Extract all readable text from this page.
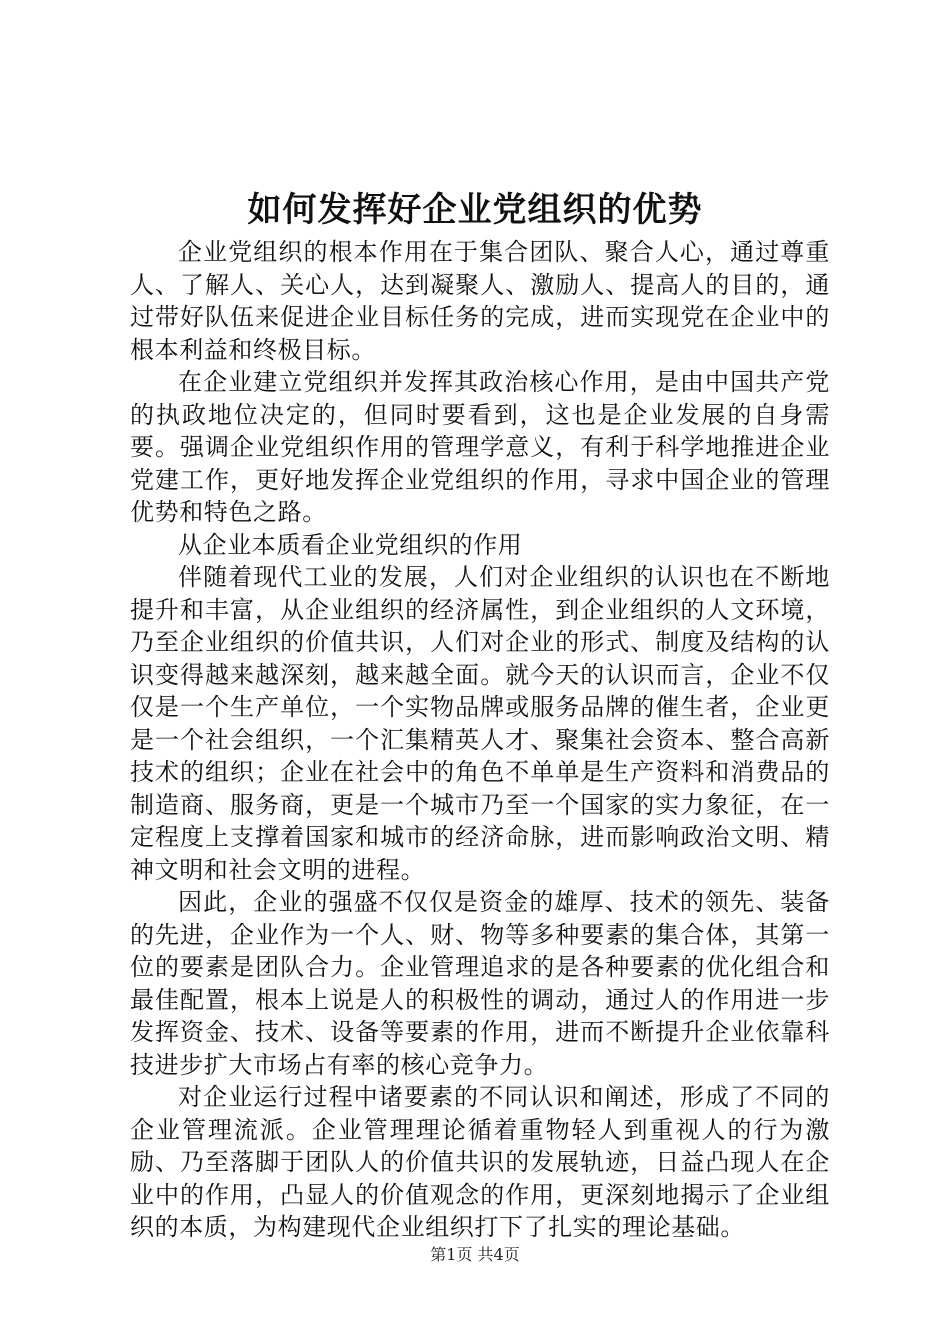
如何发挥好企业党组织的优势

企业党组织的根本作用在于集合团队、聚合人心，通过尊重人、了解人、关心人，达到凝聚人、激励人、提高人的目的，通过带好队伍来促进企业目标任务的完成，进而实现党在企业中的根本利益和终极目标。

在企业建立党组织并发挥其政治核心作用，是由中国共产党的执政地位决定的，但同时要看到，这也是企业发展的自身需要。强调企业党组织作用的管理学意义，有利于科学地推进企业党建工作，更好地发挥企业党组织的作用，寻求中国企业的管理优势和特色之路。

从企业本质看企业党组织的作用

伴随着现代工业的发展，人们对企业组织的认识也在不断地提升和丰富，从企业组织的经济属性，到企业组织的人文环境，乃至企业组织的价值共识，人们对企业的形式、制度及结构的认识变得越来越深刻，越来越全面。就今天的认识而言，企业不仅仅是一个生产单位，一个实物品牌或服务品牌的催生者，企业更是一个社会组织，一个汇集精英人才、聚集社会资本、整合高新技术的组织；企业在社会中的角色不单单是生产资料和消费品的制造商、服务商，更是一个城市乃至一个国家的实力象征，在一定程度上支撑着国家和城市的经济命脉，进而影响政治文明、精神文明和社会文明的进程。

因此，企业的强盛不仅仅是资金的雄厚、技术的领先、装备的先进，企业作为一个人、财、物等多种要素的集合体，其第一位的要素是团队合力。企业管理追求的是各种要素的优化组合和最佳配置，根本上说是人的积极性的调动，通过人的作用进一步发挥资金、技术、设备等要素的作用，进而不断提升企业依靠科技进步扩大市场占有率的核心竞争力。

对企业运行过程中诸要素的不同认识和阐述，形成了不同的企业管理流派。企业管理理论循着重物轻人到重视人的行为激励、乃至落脚于团队人的价值共识的发展轨迹，日益凸现人在企业中的作用，凸显人的价值观念的作用，更深刻地揭示了企业组织的本质，为构建现代企业组织打下了扎实的理论基础。

第1页 共4页
